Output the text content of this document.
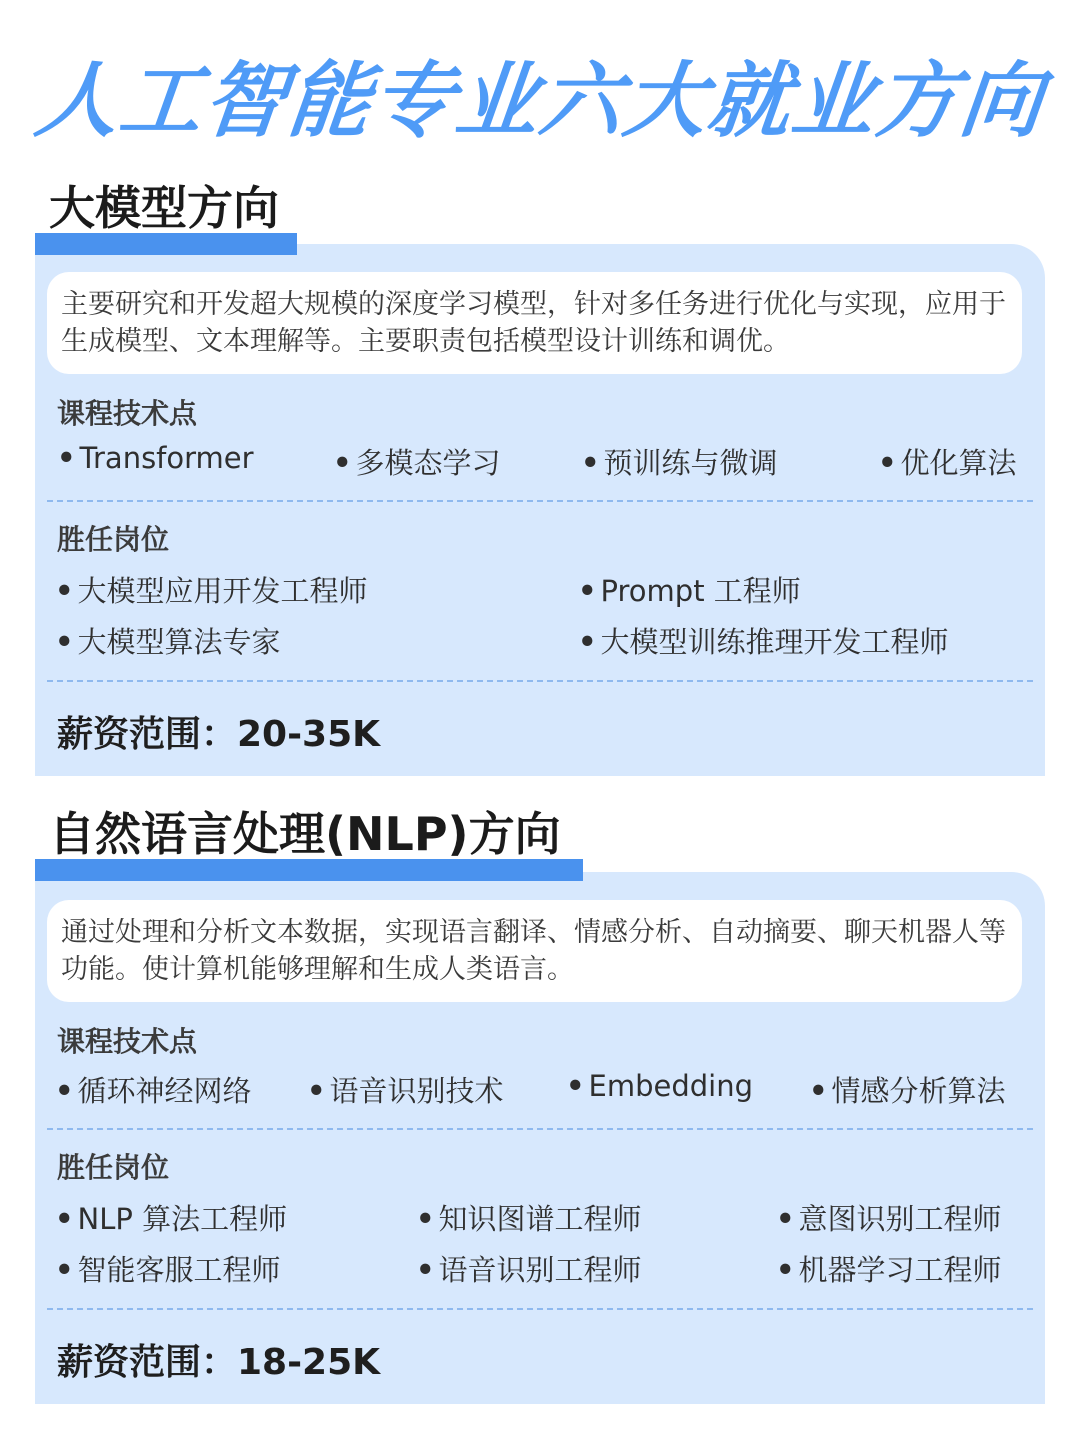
人工智能专业六大就业方向
大模型方向
主要研究和开发超大规模的深度学习模型，针对多任务进行优化与实现，应用于生成模型、文本理解等。主要职责包括模型设计训练和调优。
课程技术点
• Transformer	• 多模态学习	• 预训练与微调	• 优化算法
胜任岗位
• 大模型应用开发工程师	• Prompt 工程师
• 大模型算法专家	• 大模型训练推理开发工程师
薪资范围：20-35K
自然语言处理(NLP)方向
通过处理和分析文本数据，实现语言翻译、情感分析、自动摘要、聊天机器人等功能。使计算机能够理解和生成人类语言。
课程技术点
• 循环神经网络 • 语音识别技术 • Embedding • 情感分析算法
胜任岗位
• NLP 算法工程师	• 知识图谱工程师	• 意图识别工程师
• 智能客服工程师	• 语音识别工程师	• 机器学习工程师
薪资范围：18-25K
